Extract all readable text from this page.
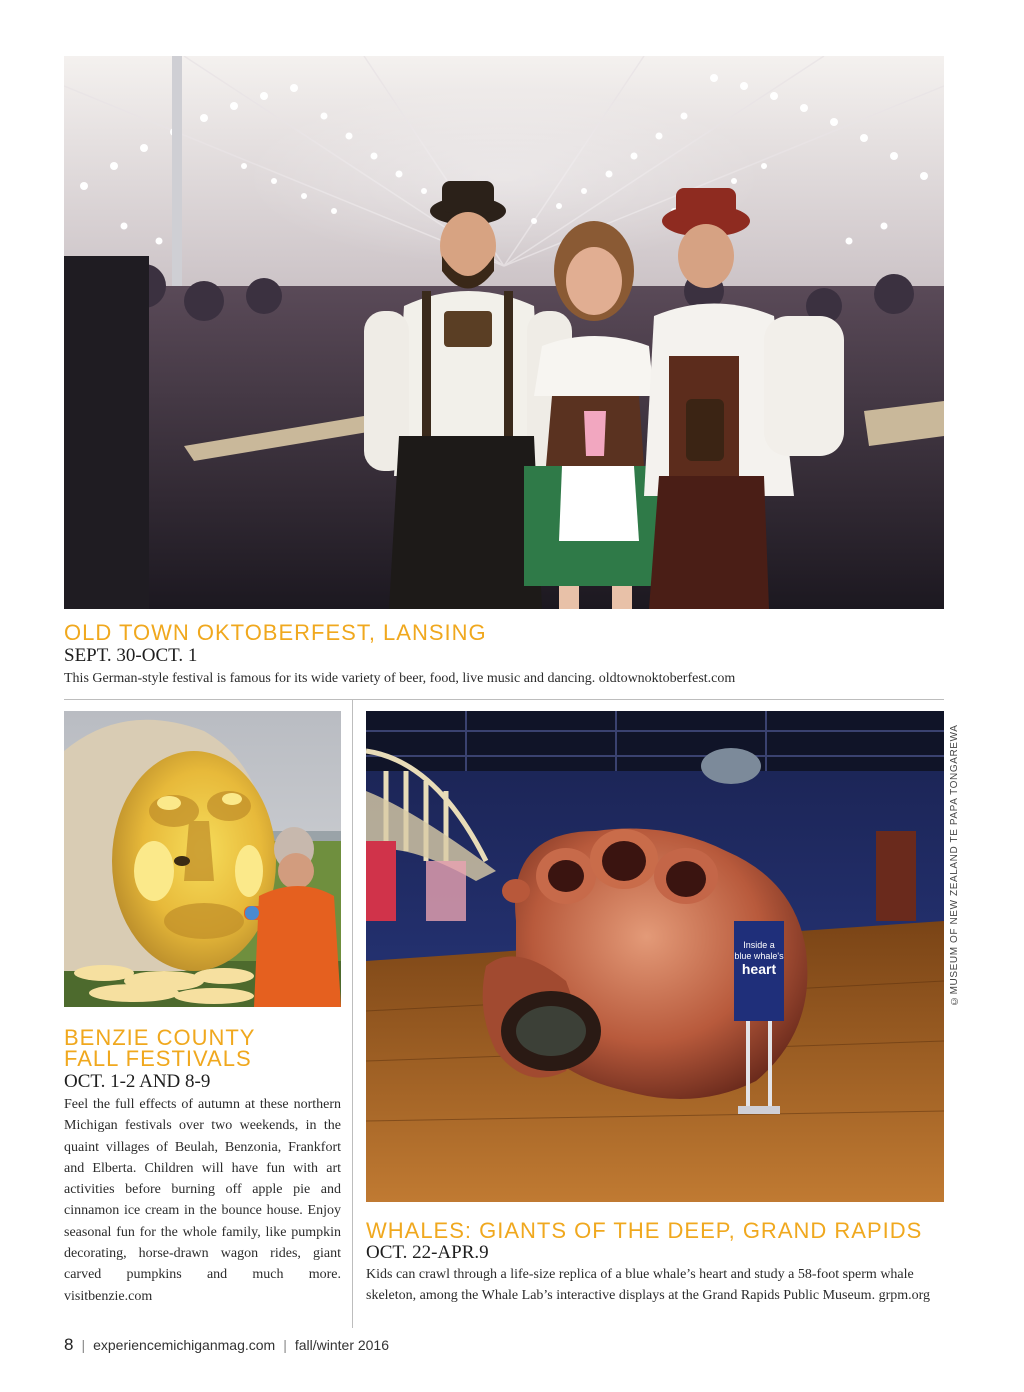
OLD TOWN OKTOBERFEST, LANSING

SEPT. 30-OCT. 1

This German-style festival is famous for its wide variety of beer, food, live music and dancing. oldtownoktoberfest.com

BENZIE COUNTY
FALL FESTIVALS

OCT. 1-2 AND 8-9

Feel the full effects of autumn at these northern Michigan festivals over two weekends, in the quaint villages of Beulah, Benzonia, Frankfort and Elberta. Children will have fun with art activities before burning off apple pie and cinnamon ice cream in the bounce house. Enjoy seasonal fun for the whole family, like pumpkin decorating, horse-drawn wagon rides, giant carved pumpkins and much more. visitbenzie.com

Inside a
blue whale's
heart	©MUSEUM OF NEW ZEALAND TE PAPA TONGAREWA
WHALES: GIANTS OF THE DEEP, GRAND RAPIDS

OCT. 22-APR.9

Kids can crawl through a life-size replica of a blue whale’s heart and study a 58-foot sperm whale skeleton, among the Whale Lab’s interactive displays at the Grand Rapids Public Museum. grpm.org

8 | experiencemichiganmag.com | fall/winter 2016
